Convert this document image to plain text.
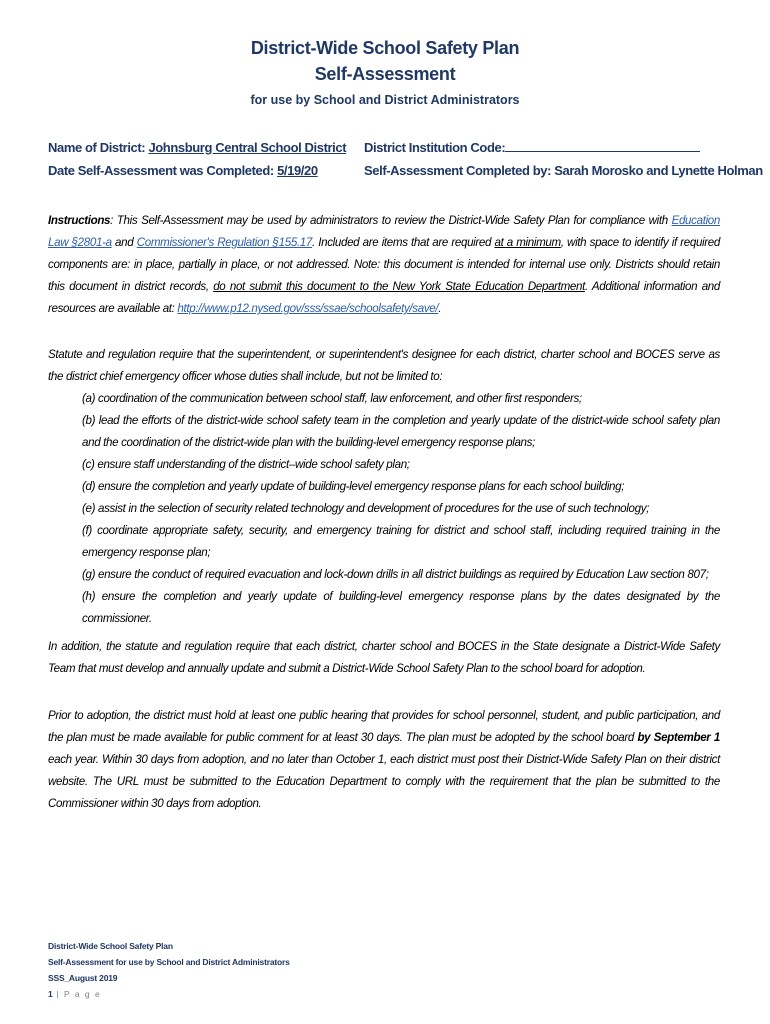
District-Wide School Safety Plan
Self-Assessment
for use by School and District Administrators
Name of District: Johnsburg Central School District
Date Self-Assessment was Completed: 5/19/20
District Institution Code:
Self-Assessment Completed by: Sarah Morosko and Lynette Holman
Instructions: This Self-Assessment may be used by administrators to review the District-Wide Safety Plan for compliance with Education Law §2801-a and Commissioner's Regulation §155.17. Included are items that are required at a minimum, with space to identify if required components are: in place, partially in place, or not addressed. Note: this document is intended for internal use only. Districts should retain this document in district records, do not submit this document to the New York State Education Department. Additional information and resources are available at: http://www.p12.nysed.gov/sss/ssae/schoolsafety/save/.
Statute and regulation require that the superintendent, or superintendent's designee for each district, charter school and BOCES serve as the district chief emergency officer whose duties shall include, but not be limited to:
(a) coordination of the communication between school staff, law enforcement, and other first responders;
(b) lead the efforts of the district-wide school safety team in the completion and yearly update of the district-wide school safety plan and the coordination of the district-wide plan with the building-level emergency response plans;
(c) ensure staff understanding of the district–wide school safety plan;
(d) ensure the completion and yearly update of building-level emergency response plans for each school building;
(e) assist in the selection of security related technology and development of procedures for the use of such technology;
(f) coordinate appropriate safety, security, and emergency training for district and school staff, including required training in the emergency response plan;
(g) ensure the conduct of required evacuation and lock-down drills in all district buildings as required by Education Law section 807;
(h) ensure the completion and yearly update of building-level emergency response plans by the dates designated by the commissioner.
In addition, the statute and regulation require that each district, charter school and BOCES in the State designate a District-Wide Safety Team that must develop and annually update and submit a District-Wide School Safety Plan to the school board for adoption.
Prior to adoption, the district must hold at least one public hearing that provides for school personnel, student, and public participation, and the plan must be made available for public comment for at least 30 days. The plan must be adopted by the school board by September 1 each year. Within 30 days from adoption, and no later than October 1, each district must post their District-Wide Safety Plan on their district website. The URL must be submitted to the Education Department to comply with the requirement that the plan be submitted to the Commissioner within 30 days from adoption.
District-Wide School Safety Plan
Self-Assessment for use by School and District Administrators
SSS_August 2019
1 | P a g e
